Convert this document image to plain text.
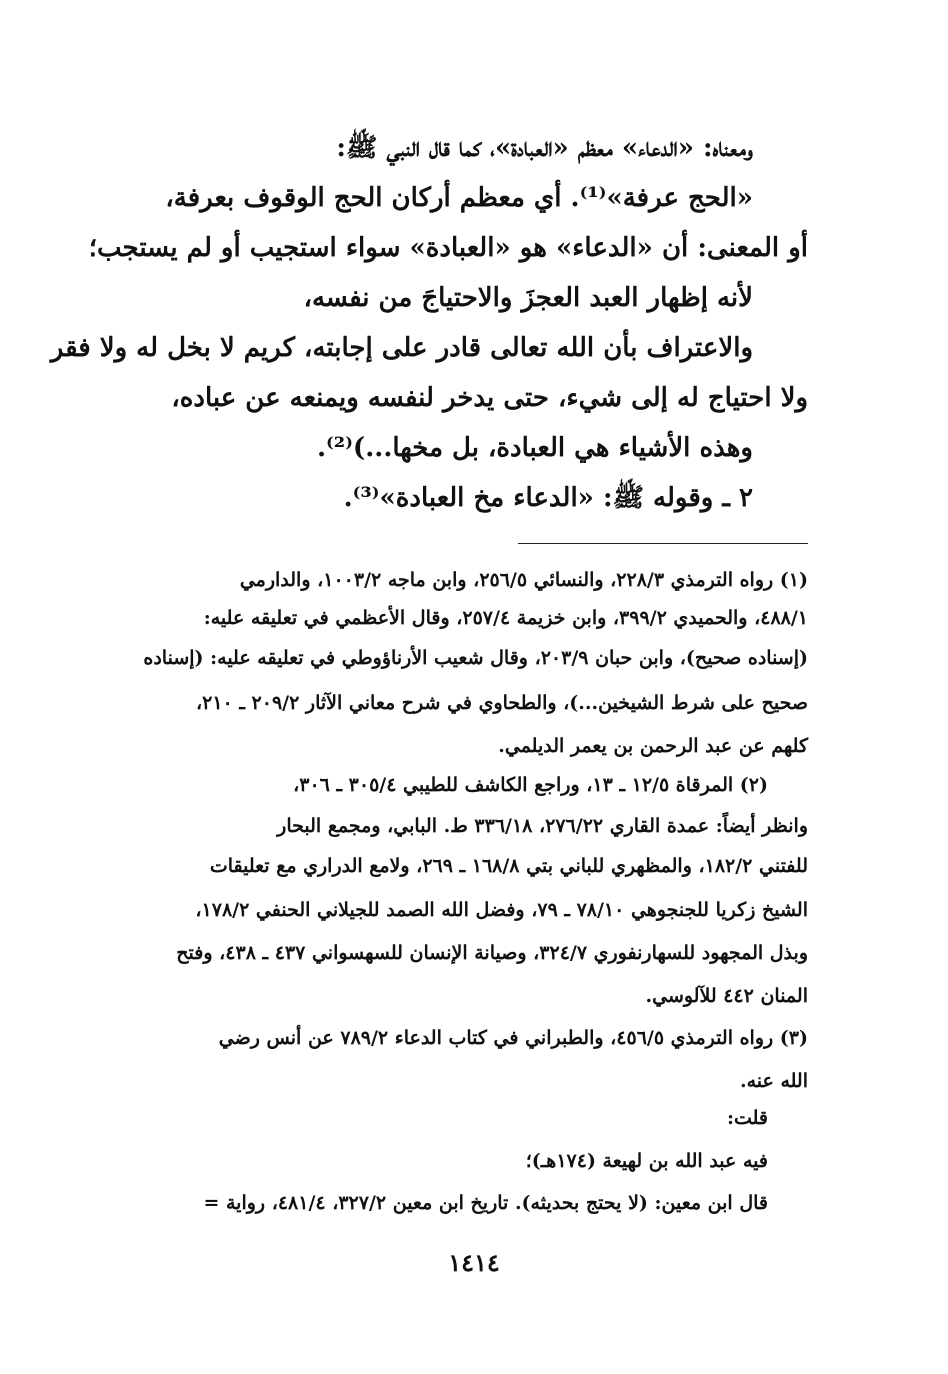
ومعناه: «الدعاء» معظم «العبادة»، كما قال النبي ﷺ:

«الحج عرفة»⁽¹⁾. أي معظم أركان الحج الوقوف بعرفة،

أو المعنى: أن «الدعاء» هو «العبادة» سواء استجيب أو لم يستجب؛

لأنه إظهار العبد العجزَ والاحتياجَ من نفسه،

والاعتراف بأن الله تعالى قادر على إجابته، كريم لا بخل له ولا فقر

ولا احتياج له إلى شيء، حتى يدخر لنفسه ويمنعه عن عباده،

وهذه الأشياء هي العبادة، بل مخها...)⁽²⁾.

٢ ـ وقوله ﷺ: «الدعاء مخ العبادة»⁽³⁾.

(١) رواه الترمذي ٢٢٨/٣، والنسائي ٢٥٦/٥، وابن ماجه ١٠٠٣/٢، والدارمي

٤٨٨/١، والحميدي ٣٩٩/٢، وابن خزيمة ٢٥٧/٤، وقال الأعظمي في تعليقه عليه:

(إسناده صحيح)، وابن حبان ٢٠٣/٩، وقال شعيب الأرناؤوطي في تعليقه عليه: (إسناده

صحيح على شرط الشيخين...)، والطحاوي في شرح معاني الآثار ٢٠٩/٢ ـ ٢١٠،

كلهم عن عبد الرحمن بن يعمر الديلمي.

(٢) المرقاة ١٢/٥ ـ ١٣، وراجع الكاشف للطيبي ٣٠٥/٤ ـ ٣٠٦،

وانظر أيضاً: عمدة القاري ٢٧٦/٢٢، ٣٣٦/١٨ ط. البابي، ومجمع البحار

للفتني ١٨٢/٢، والمظهري للباني بتي ١٦٨/٨ ـ ٢٦٩، ولامع الدراري مع تعليقات

الشيخ زكريا للجنجوهي ٧٨/١٠ ـ ٧٩، وفضل الله الصمد للجيلاني الحنفي ١٧٨/٢،

وبذل المجهود للسهارنفوري ٣٢٤/٧، وصيانة الإنسان للسهسواني ٤٣٧ ـ ٤٣٨، وفتح

المنان ٤٤٢ للآلوسي.

(٣) رواه الترمذي ٤٥٦/٥، والطبراني في كتاب الدعاء ٧٨٩/٢ عن أنس رضي

الله عنه.

قلت:

فيه عبد الله بن لهيعة (١٧٤هـ)؛

قال ابن معين: (لا يحتج بحديثه). تاريخ ابن معين ٣٢٧/٢، ٤٨١/٤، رواية =

١٤١٤
